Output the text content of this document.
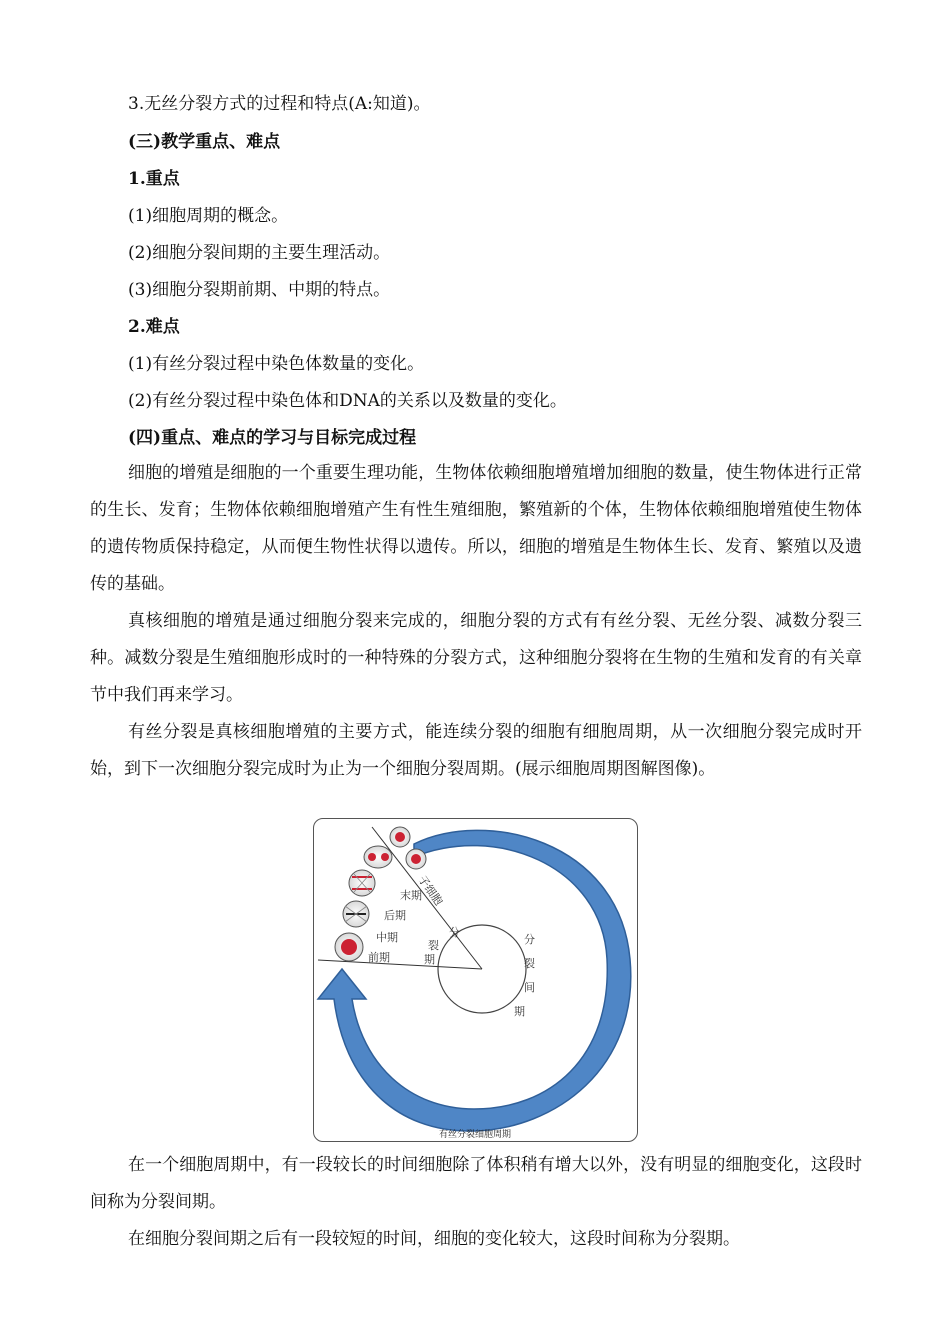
3.无丝分裂方式的过程和特点(A:知道)。
(三)教学重点、难点
1.重点
(1)细胞周期的概念。
(2)细胞分裂间期的主要生理活动。
(3)细胞分裂期前期、中期的特点。
2.难点
(1)有丝分裂过程中染色体数量的变化。
(2)有丝分裂过程中染色体和DNA的关系以及数量的变化。
(四)重点、难点的学习与目标完成过程

细胞的增殖是细胞的一个重要生理功能，生物体依赖细胞增殖增加细胞的数量，使生物体进行正常的生长、发育；生物体依赖细胞增殖产生有性生殖细胞，繁殖新的个体，生物体依赖细胞增殖使生物体的遗传物质保持稳定，从而便生物性状得以遗传。所以，细胞的增殖是生物体生长、发育、繁殖以及遗传的基础。

真核细胞的增殖是通过细胞分裂来完成的，细胞分裂的方式有有丝分裂、无丝分裂、减数分裂三种。减数分裂是生殖细胞形成时的一种特殊的分裂方式，这种细胞分裂将在生物的生殖和发育的有关章节中我们再来学习。

有丝分裂是真核细胞增殖的主要方式，能连续分裂的细胞有细胞周期，从一次细胞分裂完成时开始，到下一次细胞分裂完成时为止为一个细胞分裂周期。(展示细胞周期图解图像)。

子细胞
末期
后期
中期
前期
分
裂
期
分
裂
间
期
有丝分裂细胞周期

在一个细胞周期中，有一段较长的时间细胞除了体积稍有增大以外，没有明显的细胞变化，这段时间称为分裂间期。

在细胞分裂间期之后有一段较短的时间，细胞的变化较大，这段时间称为分裂期。
